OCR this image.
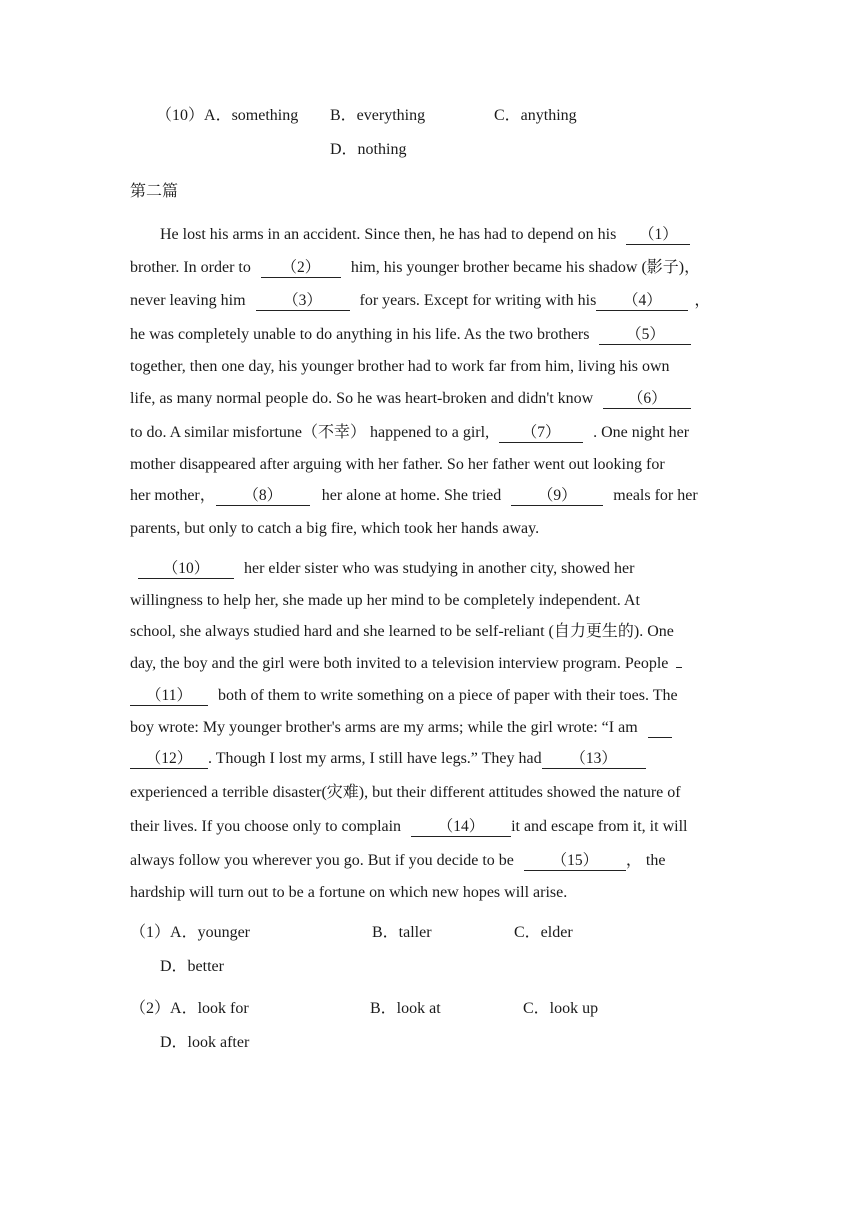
（10）A．something B．everything	C．anything
D．nothing
第二篇
He lost his arms in an accident. Since then, he has had to depend on his （1）
brother. In order to （2） him, his younger brother became his shadow (影子)，
never leaving him （3） for years. Except for writing with his （4） ，
he was completely unable to do anything in his life. As the two brothers （5）
together, then one day, his younger brother had to work far from him, living his own
life, as many normal people do. So he was heart-broken and didn't know （6）
to do. A similar misfortune（不幸） happened to a girl, （7） . One night her
mother disappeared after arguing with her father. So her father went out looking for
her mother， （8） her alone at home. She tried （9） meals for her
parents, but only to catch a big fire, which took her hands away.
（10） her elder sister who was studying in another city, showed her
willingness to help her, she made up her mind to be completely independent. At
school, she always studied hard and she learned to be self-reliant (自力更生的). One
day, the boy and the girl were both invited to a television interview program. People
（11） both of them to write something on a piece of paper with their toes. The
boy wrote: My younger brother's arms are my arms; while the girl wrote: “I am
（12） . Though I lost my arms, I still have legs.” They had （13）
experienced a terrible disaster(灾难), but their different attitudes showed the nature of
their lives. If you choose only to complain （14） it and escape from it, it will
always follow you wherever you go. But if you decide to be （15） ， the
hardship will turn out to be a fortune on which new hopes will arise.
（1）A．younger	B．taller	C．elder
D．better
（2）A．look for	B．look at	C．look up
D．look after
